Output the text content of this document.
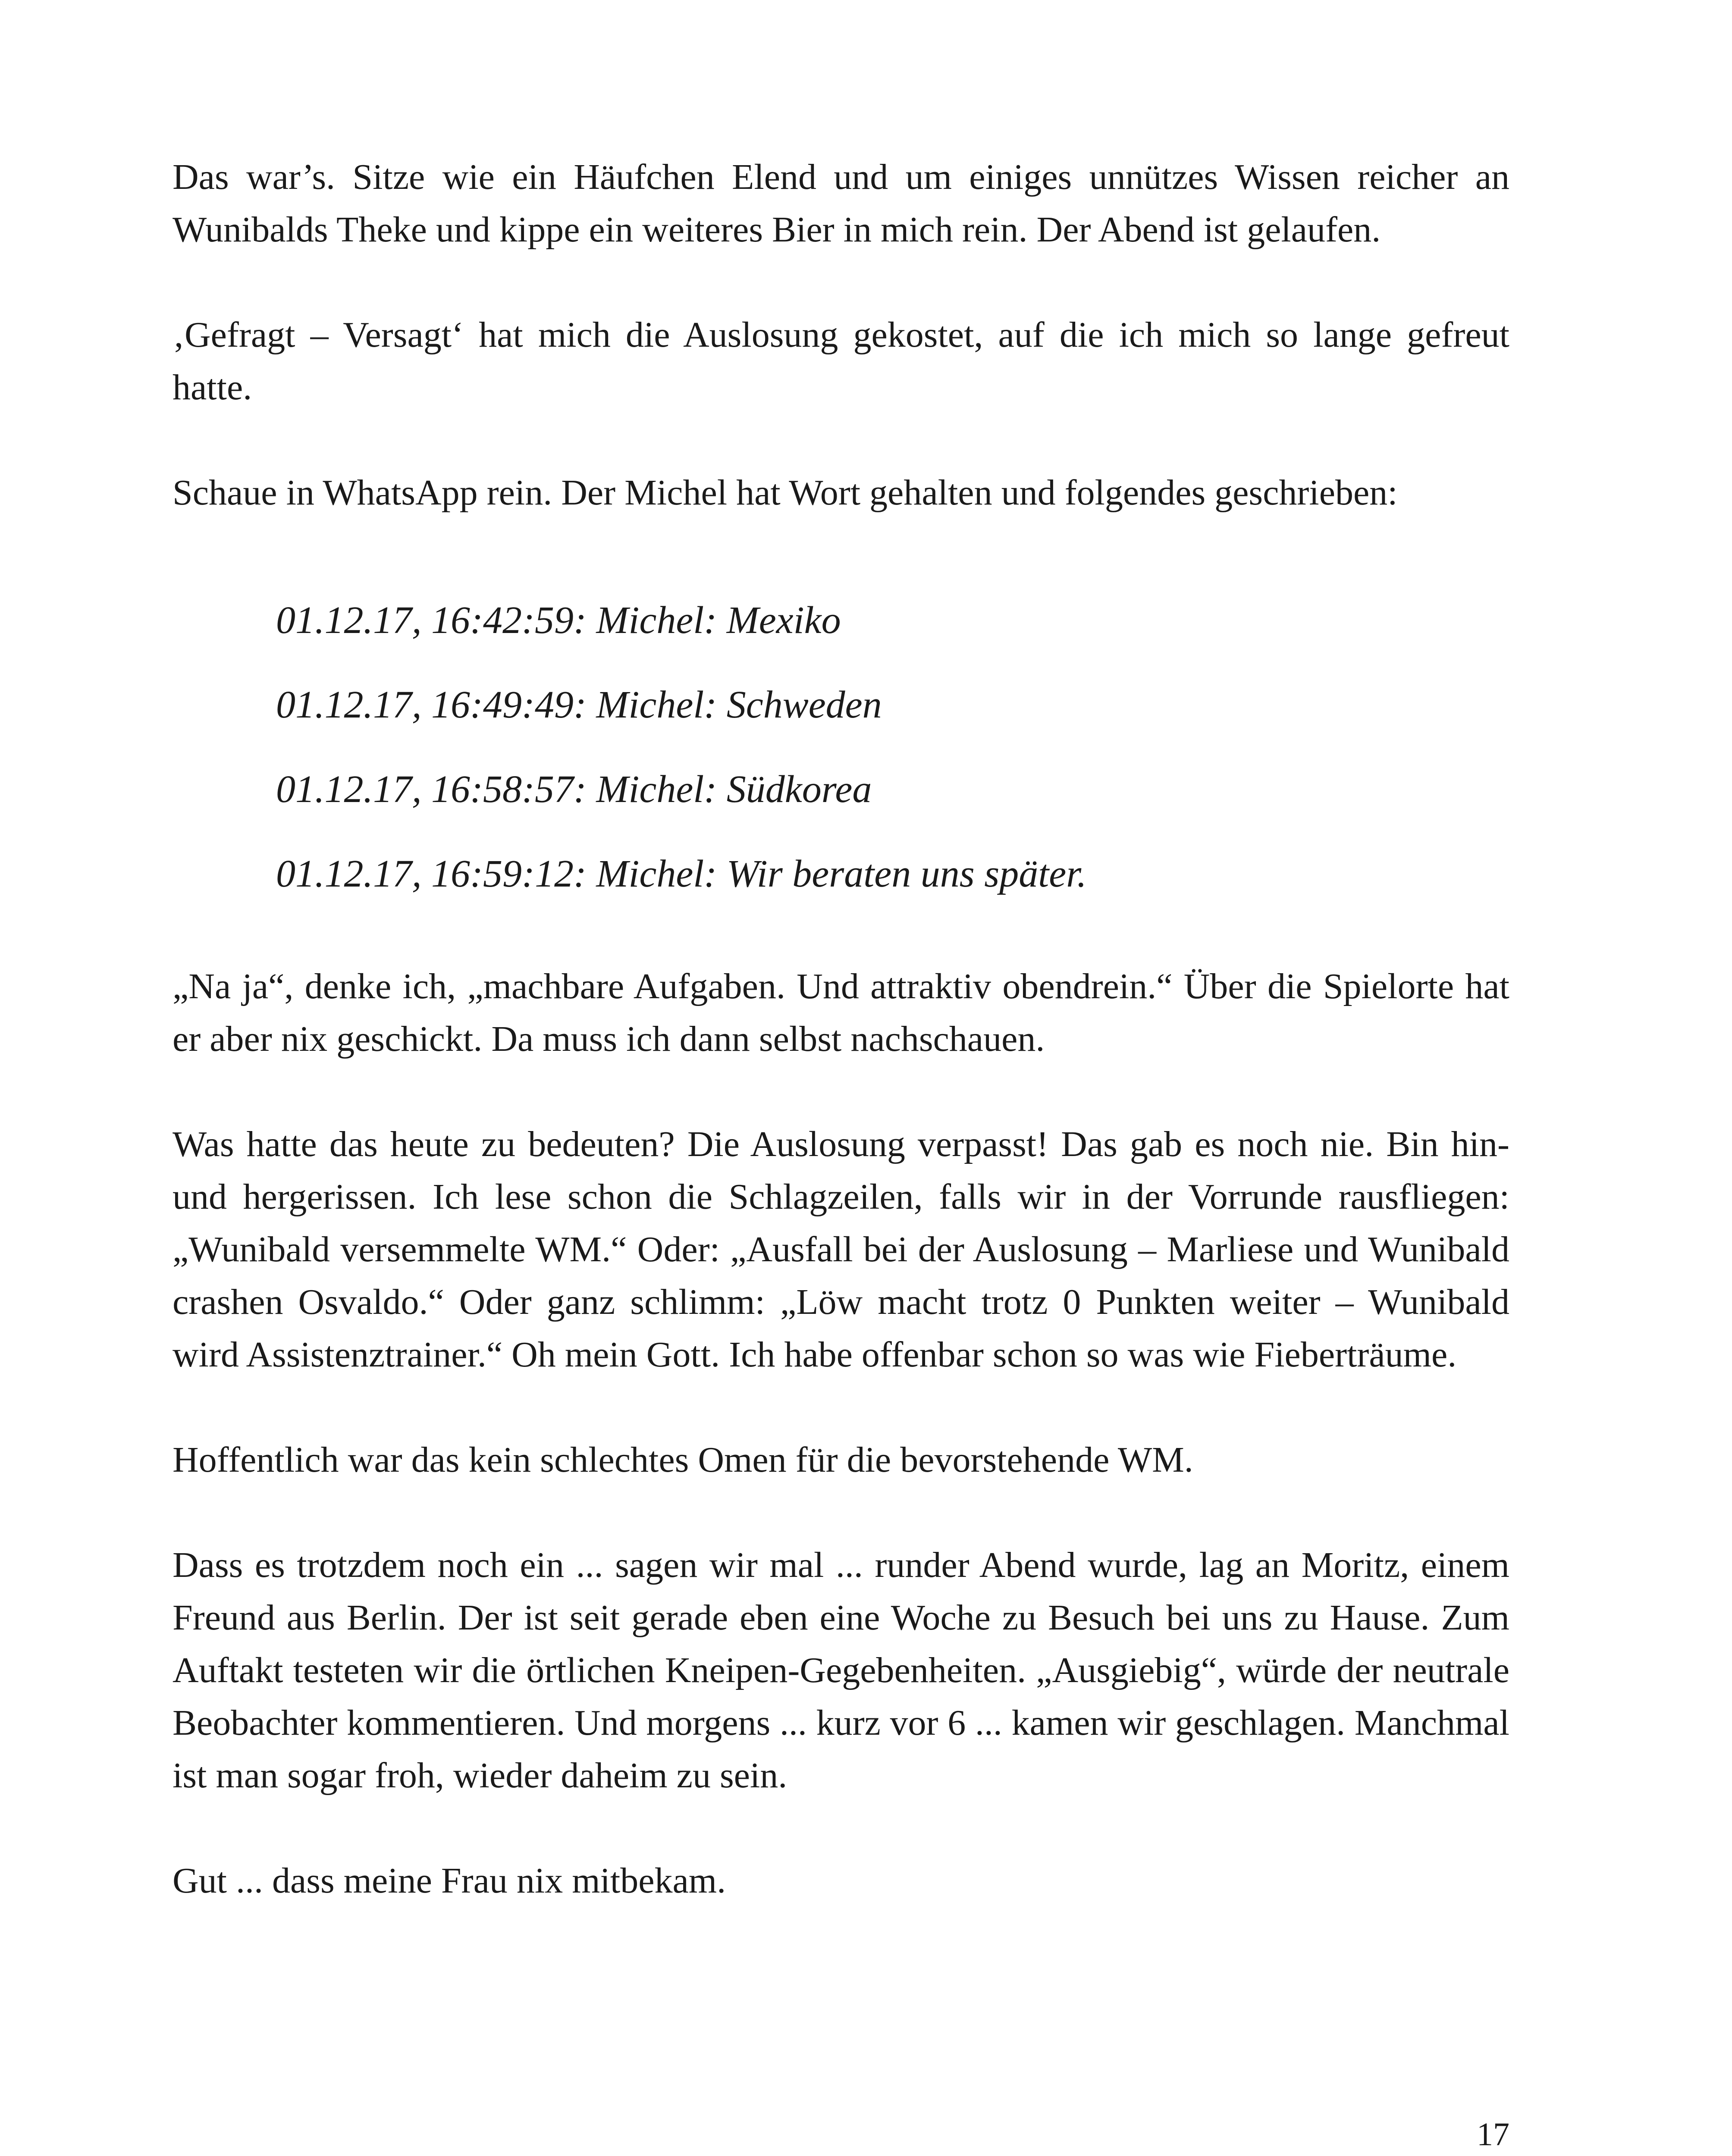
Das war’s. Sitze wie ein Häufchen Elend und um einiges unnützes Wissen reicher an Wunibalds Theke und kippe ein weiteres Bier in mich rein. Der Abend ist gelaufen.

‚Gefragt – Versagt‘ hat mich die Auslosung gekostet, auf die ich mich so lange gefreut hatte.

Schaue in WhatsApp rein. Der Michel hat Wort gehalten und folgendes geschrieben:

01.12.17, 16:42:59: Michel: Mexiko
01.12.17, 16:49:49: Michel: Schweden
01.12.17, 16:58:57: Michel: Südkorea
01.12.17, 16:59:12: Michel: Wir beraten uns später.

„Na ja“, denke ich, „machbare Aufgaben. Und attraktiv obendrein.“ Über die Spielorte hat er aber nix geschickt. Da muss ich dann selbst nachschauen.

Was hatte das heute zu bedeuten? Die Auslosung verpasst! Das gab es noch nie. Bin hin- und hergerissen. Ich lese schon die Schlagzeilen, falls wir in der Vorrunde rausfliegen: „Wunibald versemmelte WM.“ Oder: „Ausfall bei der Auslosung – Marliese und Wunibald crashen Osvaldo.“ Oder ganz schlimm: „Löw macht trotz 0 Punkten weiter – Wunibald wird Assistenztrainer.“ Oh mein Gott. Ich habe offenbar schon so was wie Fieberträume.

Hoffentlich war das kein schlechtes Omen für die bevorstehende WM.

Dass es trotzdem noch ein ... sagen wir mal ... runder Abend wurde, lag an Moritz, einem Freund aus Berlin. Der ist seit gerade eben eine Woche zu Besuch bei uns zu Hause. Zum Auftakt testeten wir die örtlichen Kneipen-Gegebenheiten. „Ausgiebig“, würde der neutrale Beobachter kommentieren. Und morgens ... kurz vor 6 ... kamen wir geschlagen. Manchmal ist man sogar froh, wieder daheim zu sein.

Gut ... dass meine Frau nix mitbekam.

17
